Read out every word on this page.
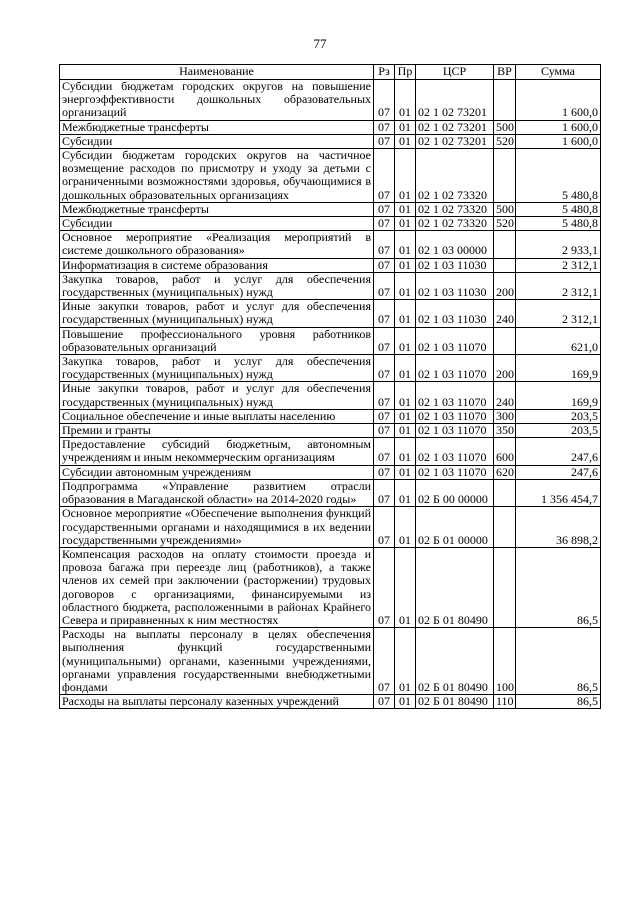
77
Наименование	Рз	Пр	ЦСР	ВР	Сумма
Субсидии бюджетам городских округов на повышение энергоэффективности дошкольных образовательных организаций	07	01	02 1 02 73201		1 600,0
Межбюджетные трансферты	07	01	02 1 02 73201	500	1 600,0
Субсидии	07	01	02 1 02 73201	520	1 600,0
Субсидии бюджетам городских округов на частичное возмещение расходов по присмотру и уходу за детьми с ограниченными возможностями здоровья, обучающимися в дошкольных образовательных организациях	07	01	02 1 02 73320		5 480,8
Межбюджетные трансферты	07	01	02 1 02 73320	500	5 480,8
Субсидии	07	01	02 1 02 73320	520	5 480,8
Основное мероприятие «Реализация мероприятий в системе дошкольного образования»	07	01	02 1 03 00000		2 933,1
Информатизация в системе образования	07	01	02 1 03 11030		2 312,1
Закупка товаров, работ и услуг для обеспечения государственных (муниципальных) нужд	07	01	02 1 03 11030	200	2 312,1
Иные закупки товаров, работ и услуг для обеспечения государственных (муниципальных) нужд	07	01	02 1 03 11030	240	2 312,1
Повышение профессионального уровня работников образовательных организаций	07	01	02 1 03 11070		621,0
Закупка товаров, работ и услуг для обеспечения государственных (муниципальных) нужд	07	01	02 1 03 11070	200	169,9
Иные закупки товаров, работ и услуг для обеспечения государственных (муниципальных) нужд	07	01	02 1 03 11070	240	169,9
Социальное обеспечение и иные выплаты населению	07	01	02 1 03 11070	300	203,5
Премии и гранты	07	01	02 1 03 11070	350	203,5
Предоставление субсидий бюджетным, автономным учреждениям и иным некоммерческим организациям	07	01	02 1 03 11070	600	247,6
Субсидии автономным учреждениям	07	01	02 1 03 11070	620	247,6
Подпрограмма «Управление развитием отрасли образования в Магаданской области» на 2014-2020 годы»	07	01	02 Б 00 00000		1 356 454,7
Основное мероприятие «Обеспечение выполнения функций государственными органами и находящимися в их ведении государственными учреждениями»	07	01	02 Б 01 00000		36 898,2
Компенсация расходов на оплату стоимости проезда и провоза багажа при переезде лиц (работников), а также членов их семей при заключении (расторжении) трудовых договоров с организациями, финансируемыми из областного бюджета, расположенными в районах Крайнего Севера и приравненных к ним местностях	07	01	02 Б 01 80490		86,5
Расходы на выплаты персоналу в целях обеспечения выполнения функций государственными (муниципальными) органами, казенными учреждениями, органами управления государственными внебюджетными фондами	07	01	02 Б 01 80490	100	86,5
Расходы на выплаты персоналу казенных учреждений	07	01	02 Б 01 80490	110	86,5
